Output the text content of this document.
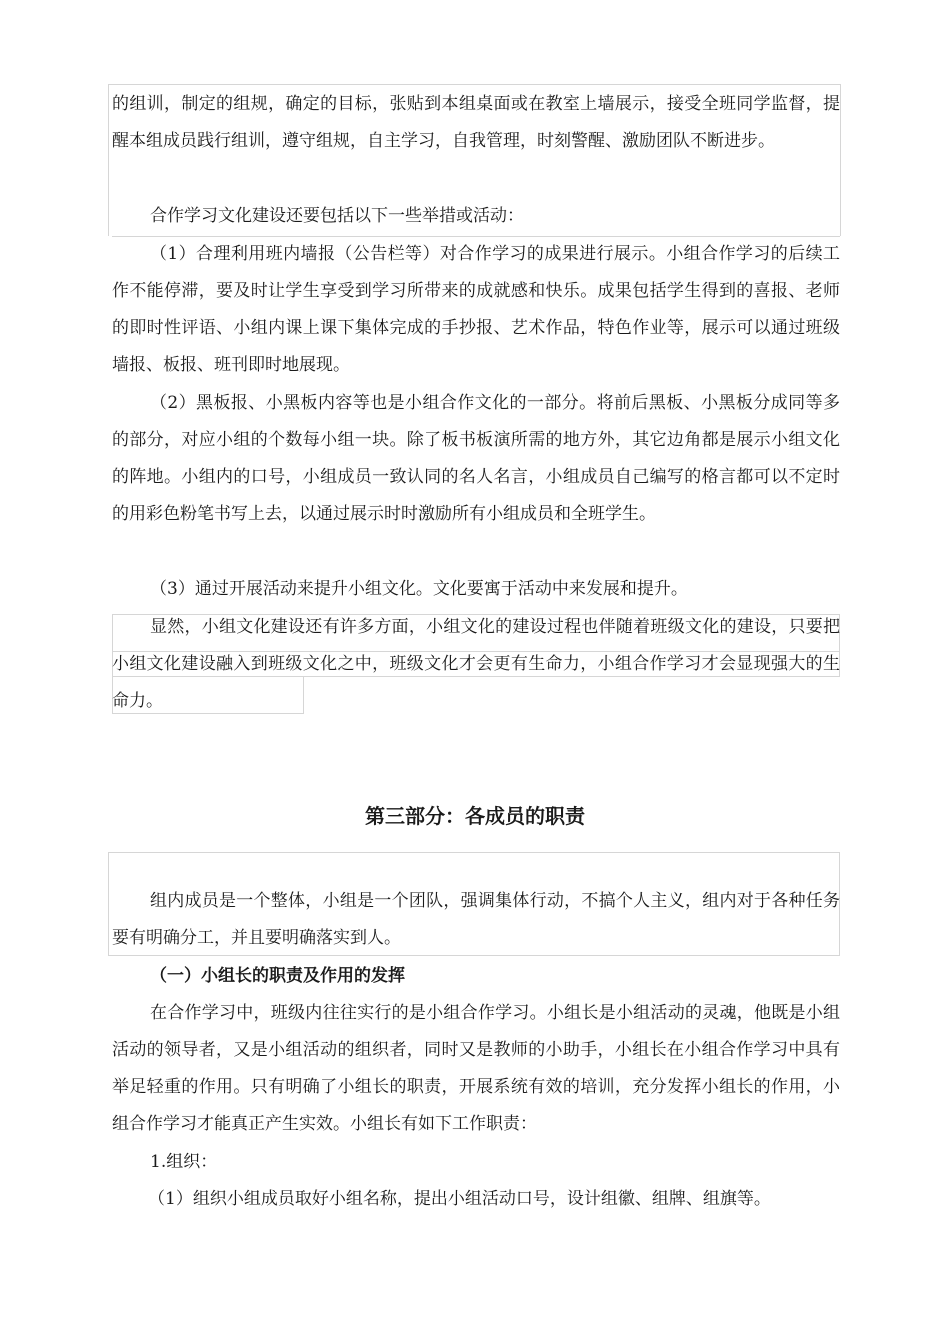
的组训，制定的组规，确定的目标，张贴到本组桌面或在教室上墙展示，接受全班同学监督，提醒本组成员践行组训，遵守组规，自主学习，自我管理，时刻警醒、激励团队不断进步。

合作学习文化建设还要包括以下一些举措或活动：

（1）合理利用班内墙报（公告栏等）对合作学习的成果进行展示。小组合作学习的后续工作不能停滞，要及时让学生享受到学习所带来的成就感和快乐。成果包括学生得到的喜报、老师的即时性评语、小组内课上课下集体完成的手抄报、艺术作品，特色作业等，展示可以通过班级墙报、板报、班刊即时地展现。

（2）黑板报、小黑板内容等也是小组合作文化的一部分。将前后黑板、小黑板分成同等多的部分，对应小组的个数每小组一块。除了板书板演所需的地方外，其它边角都是展示小组文化的阵地。小组内的口号，小组成员一致认同的名人名言，小组成员自己编写的格言都可以不定时的用彩色粉笔书写上去，以通过展示时时激励所有小组成员和全班学生。

（3）通过开展活动来提升小组文化。文化要寓于活动中来发展和提升。

显然，小组文化建设还有许多方面，小组文化的建设过程也伴随着班级文化的建设，只要把小组文化建设融入到班级文化之中，班级文化才会更有生命力，小组合作学习才会显现强大的生命力。

第三部分：各成员的职责

组内成员是一个整体，小组是一个团队，强调集体行动，不搞个人主义，组内对于各种任务要有明确分工，并且要明确落实到人。

（一）小组长的职责及作用的发挥

在合作学习中，班级内往往实行的是小组合作学习。小组长是小组活动的灵魂，他既是小组活动的领导者，又是小组活动的组织者，同时又是教师的小助手，小组长在小组合作学习中具有举足轻重的作用。只有明确了小组长的职责，开展系统有效的培训，充分发挥小组长的作用，小组合作学习才能真正产生实效。小组长有如下工作职责：

1.组织：

（1）组织小组成员取好小组名称，提出小组活动口号，设计组徽、组牌、组旗等。
